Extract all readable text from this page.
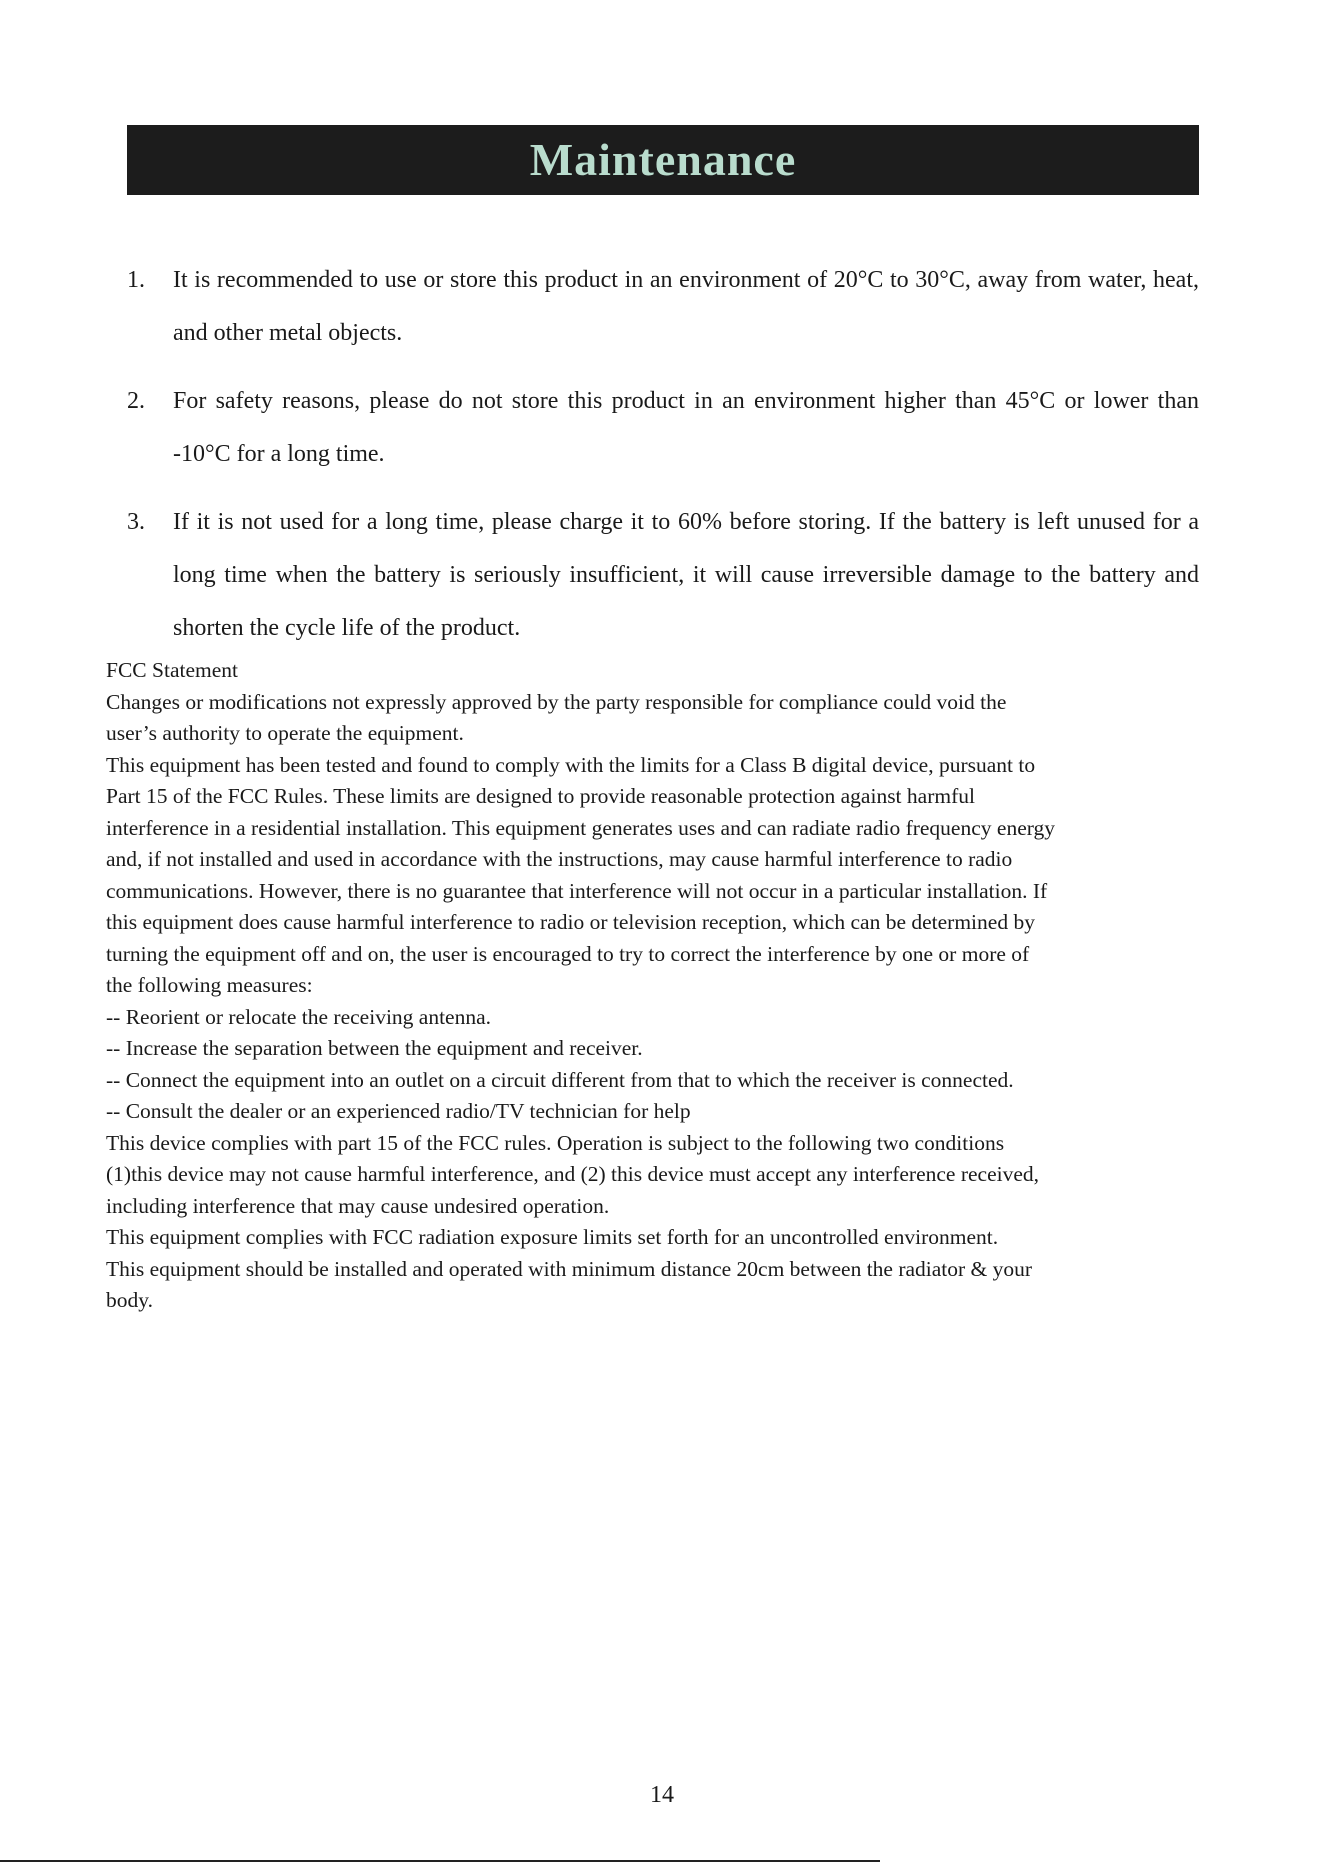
Maintenance
1. It is recommended to use or store this product in an environment of 20°C to 30°C, away from water, heat, and other metal objects.
2. For safety reasons, please do not store this product in an environment higher than 45°C or lower than -10°C for a long time.
3. If it is not used for a long time, please charge it to 60% before storing. If the battery is left unused for a long time when the battery is seriously insufficient, it will cause irreversible damage to the battery and shorten the cycle life of the product.
FCC Statement
Changes or modifications not expressly approved by the party responsible for compliance could void the
user’s authority to operate the equipment.
This equipment has been tested and found to comply with the limits for a Class B digital device, pursuant to
Part 15 of the FCC Rules. These limits are designed to provide reasonable protection against harmful
interference in a residential installation. This equipment generates uses and can radiate radio frequency energy
and, if not installed and used in accordance with the instructions, may cause harmful interference to radio
communications. However, there is no guarantee that interference will not occur in a particular installation. If
this equipment does cause harmful interference to radio or television reception, which can be determined by
turning the equipment off and on, the user is encouraged to try to correct the interference by one or more of
the following measures:
-- Reorient or relocate the receiving antenna.
-- Increase the separation between the equipment and receiver.
-- Connect the equipment into an outlet on a circuit different from that to which the receiver is connected.
-- Consult the dealer or an experienced radio/TV technician for help
This device complies with part 15 of the FCC rules. Operation is subject to the following two conditions
(1)this device may not cause harmful interference, and (2) this device must accept any interference received,
including interference that may cause undesired operation.
This equipment complies with FCC radiation exposure limits set forth for an uncontrolled environment.
This equipment should be installed and operated with minimum distance 20cm between the radiator & your
body.
14
